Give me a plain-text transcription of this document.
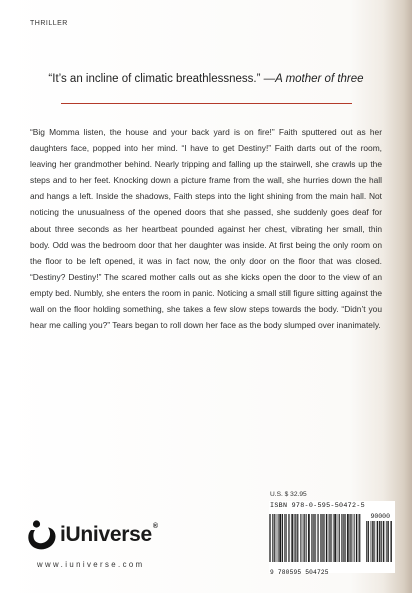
THRILLER
“It’s an incline of climatic breathlessness.” —A mother of three
“Big Momma listen, the house and your back yard is on fire!” Faith sputtered out as her daughters face, popped into her mind. “I have to get Destiny!” Faith darts out of the room, leaving her grandmother behind. Nearly tripping and falling up the stairwell, she crawls up the steps and to her feet. Knocking down a picture frame from the wall, she hurries down the hall and hangs a left. Inside the shadows, Faith steps into the light shining from the main hall. Not noticing the unusualness of the opened doors that she passed, she suddenly goes deaf for about three seconds as her heartbeat pounded against her chest, vibrating her small, thin body. Odd was the bedroom door that her daughter was inside. At first being the only room on the floor to be left opened, it was in fact now, the only door on the floor that was closed. “Destiny? Destiny!” The scared mother calls out as she kicks open the door to the view of an empty bed. Numbly, she enters the room in panic. Noticing a small still figure sitting against the wall on the floor holding something, she takes a few slow steps towards the body. “Didn’t you hear me calling you?” Tears began to roll down her face as the body slumped over inanimately.
U.S. $ 32.95
ISBN 978-0-595-50472-5
90000
9 780595 504725
iUniverse®
www.iuniverse.com
